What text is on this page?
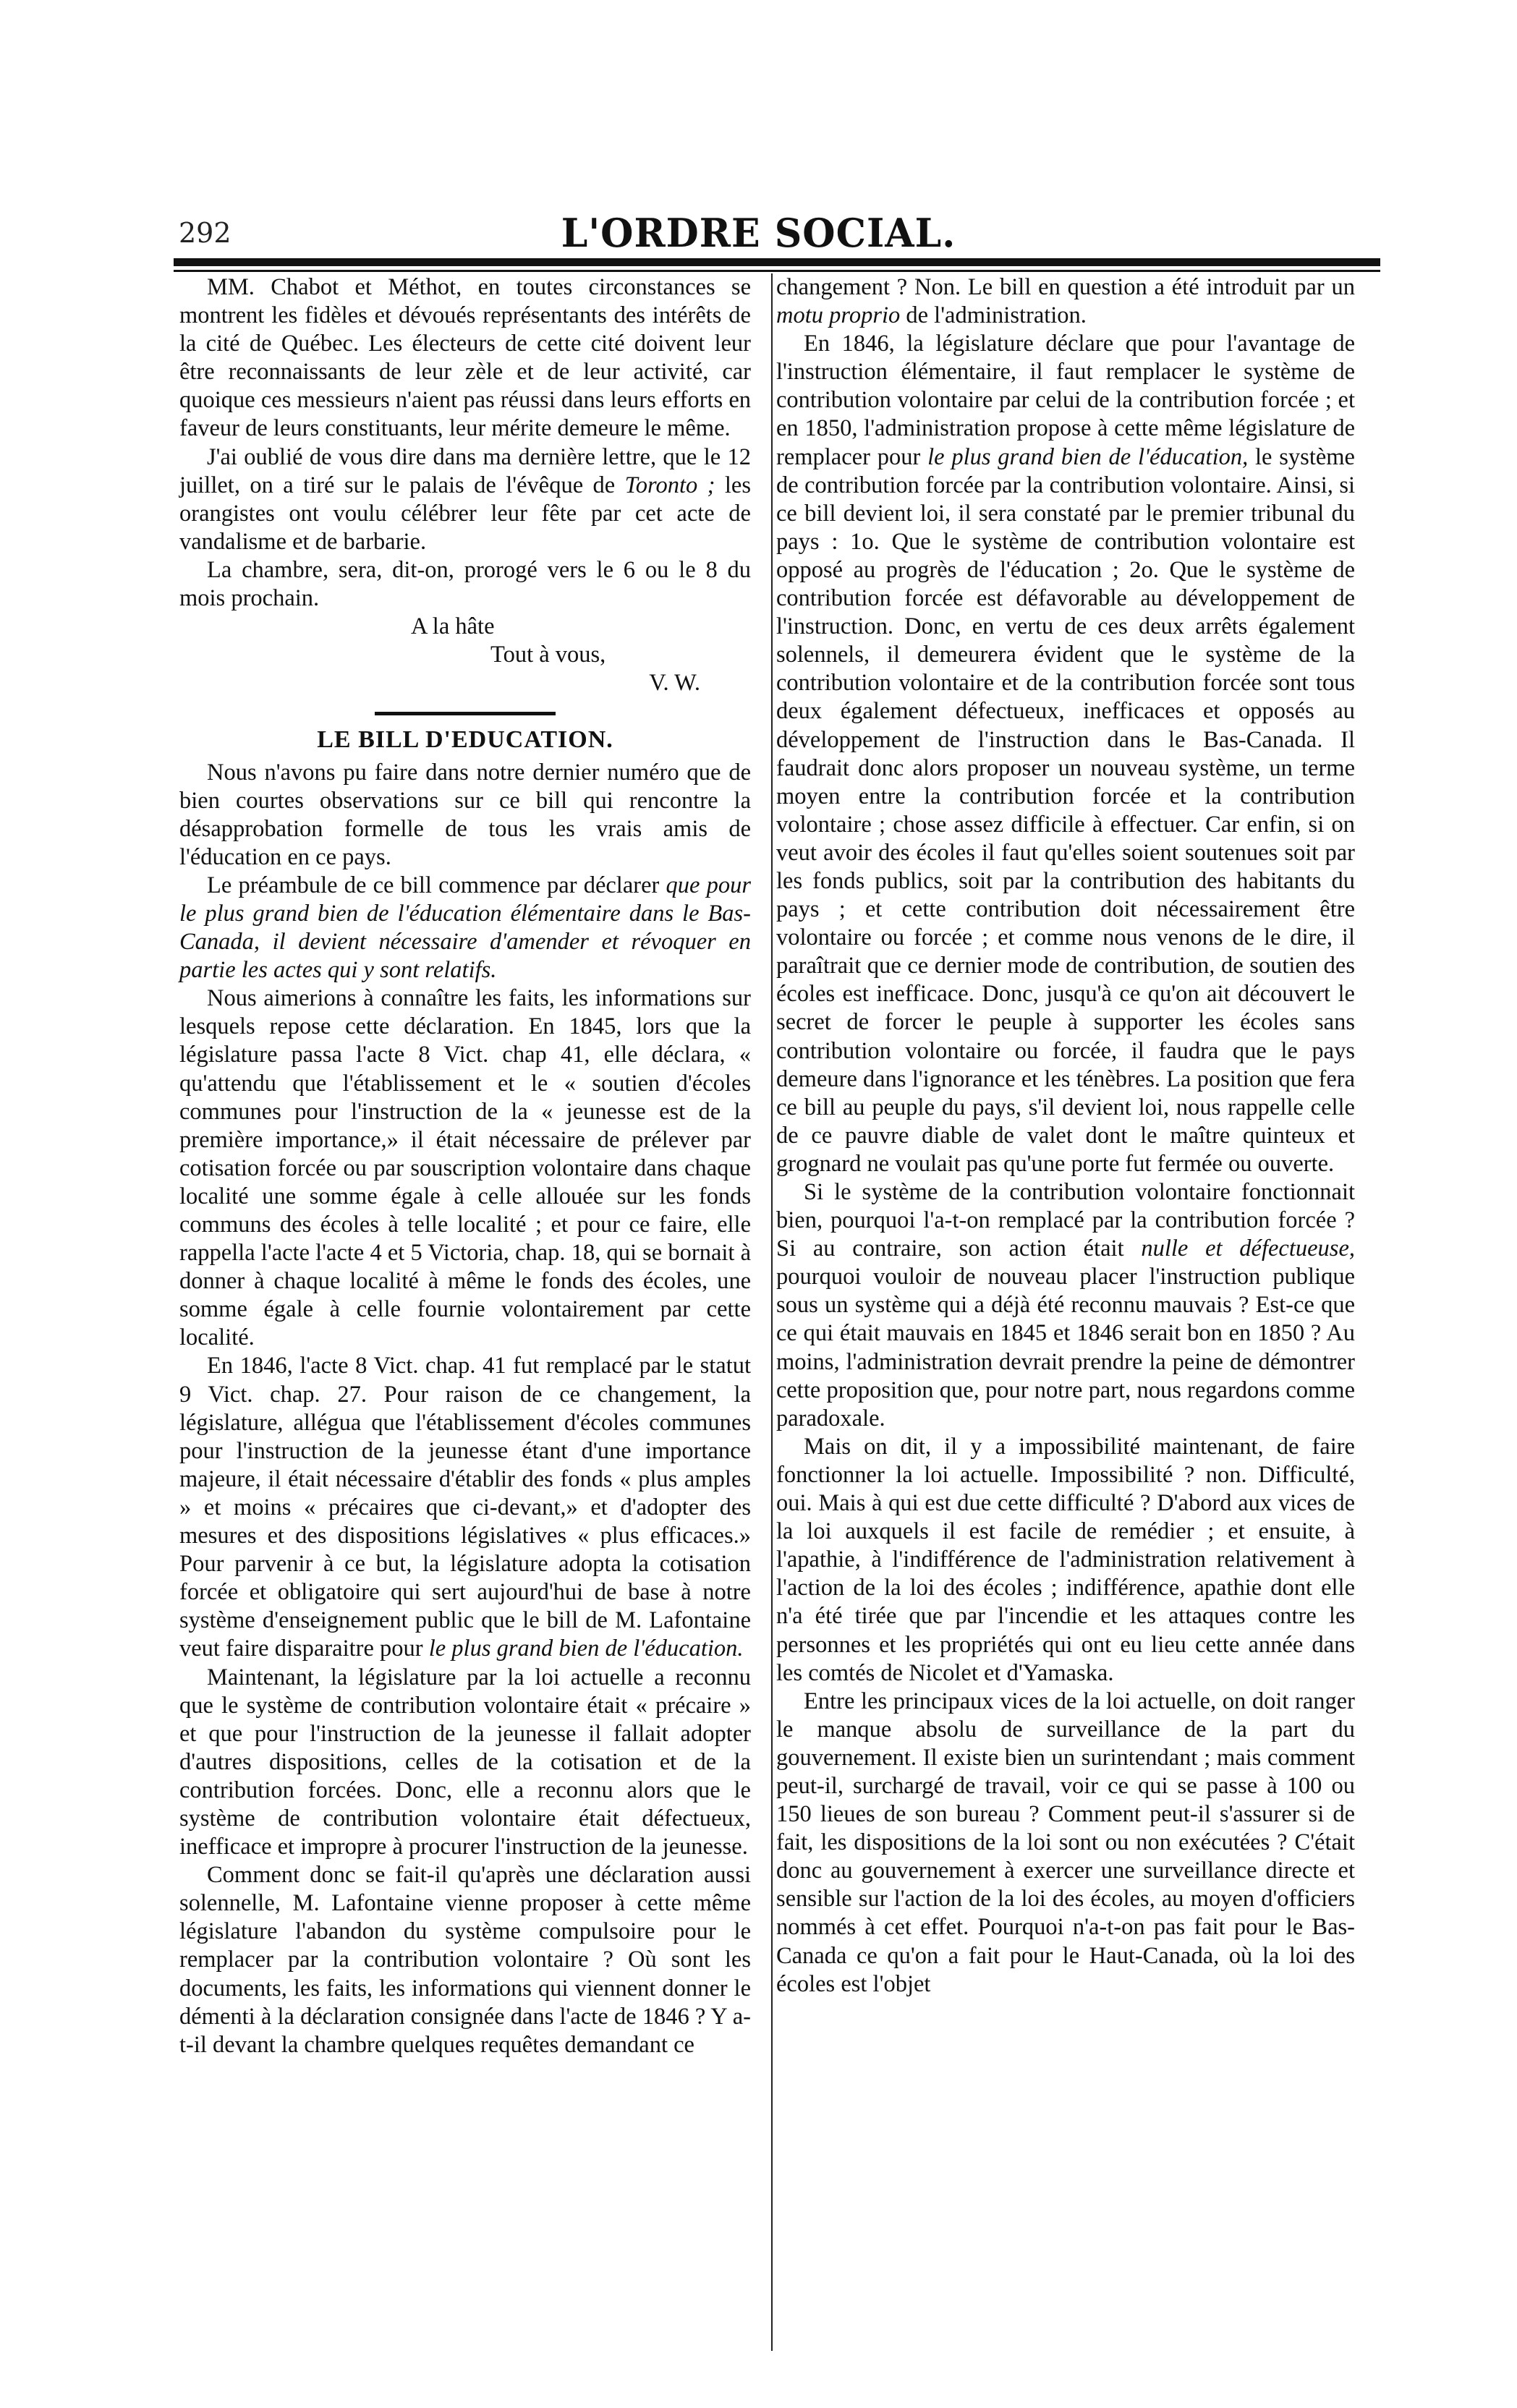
292	L'ORDRE SOCIAL.

MM. Chabot et Méthot, en toutes circonstances se montrent les fidèles et dévoués représentants des intérêts de la cité de Québec. Les électeurs de cette cité doivent leur être reconnaissants de leur zèle et de leur activité, car quoique ces messieurs n'aient pas réussi dans leurs efforts en faveur de leurs constituants, leur mérite demeure le même.

J'ai oublié de vous dire dans ma dernière lettre, que le 12 juillet, on a tiré sur le palais de l'évêque de Toronto ; les orangistes ont voulu célébrer leur fête par cet acte de vandalisme et de barbarie.

La chambre, sera, dit-on, prorogé vers le 6 ou le 8 du mois prochain.

A la hâte

Tout à vous,

V. W.

LE BILL D'EDUCATION.

Nous n'avons pu faire dans notre dernier numéro que de bien courtes observations sur ce bill qui rencontre la désapprobation formelle de tous les vrais amis de l'éducation en ce pays.

Le préambule de ce bill commence par déclarer que pour le plus grand bien de l'éducation élémentaire dans le Bas-Canada, il devient nécessaire d'amender et révoquer en partie les actes qui y sont relatifs.

Nous aimerions à connaître les faits, les informations sur lesquels repose cette déclaration. En 1845, lors que la législature passa l'acte 8 Vict. chap 41, elle déclara, « qu'attendu que l'établissement et le « soutien d'écoles communes pour l'instruction de la « jeunesse est de la première importance,» il était nécessaire de prélever par cotisation forcée ou par souscription volontaire dans chaque localité une somme égale à celle allouée sur les fonds communs des écoles à telle localité ; et pour ce faire, elle rappella l'acte l'acte 4 et 5 Victoria, chap. 18, qui se bornait à donner à chaque localité à même le fonds des écoles, une somme égale à celle fournie volontairement par cette localité.

En 1846, l'acte 8 Vict. chap. 41 fut remplacé par le statut 9 Vict. chap. 27. Pour raison de ce changement, la législature, allégua que l'établissement d'écoles communes pour l'instruction de la jeunesse étant d'une importance majeure, il était nécessaire d'établir des fonds « plus amples » et moins « précaires que ci-devant,» et d'adopter des mesures et des dispositions législatives « plus efficaces.» Pour parvenir à ce but, la législature adopta la cotisation forcée et obligatoire qui sert aujourd'hui de base à notre système d'enseignement public que le bill de M. Lafontaine veut faire disparaitre pour le plus grand bien de l'éducation.

Maintenant, la législature par la loi actuelle a reconnu que le système de contribution volontaire était « précaire » et que pour l'instruction de la jeunesse il fallait adopter d'autres dispositions, celles de la cotisation et de la contribution forcées. Donc, elle a reconnu alors que le système de contribution volontaire était défectueux, inefficace et impropre à procurer l'instruction de la jeunesse.

Comment donc se fait-il qu'après une déclaration aussi solennelle, M. Lafontaine vienne proposer à cette même législature l'abandon du système compulsoire pour le remplacer par la contribution volontaire ? Où sont les documents, les faits, les informations qui viennent donner le démenti à la déclaration consignée dans l'acte de 1846 ? Y a-t-il devant la chambre quelques requêtes demandant ce

changement ? Non. Le bill en question a été introduit par un motu proprio de l'administration.

En 1846, la législature déclare que pour l'avantage de l'instruction élémentaire, il faut remplacer le système de contribution volontaire par celui de la contribution forcée ; et en 1850, l'administration propose à cette même législature de remplacer pour le plus grand bien de l'éducation, le système de contribution forcée par la contribution volontaire. Ainsi, si ce bill devient loi, il sera constaté par le premier tribunal du pays : 1o. Que le système de contribution volontaire est opposé au progrès de l'éducation ; 2o. Que le système de contribution forcée est défavorable au développement de l'instruction. Donc, en vertu de ces deux arrêts également solennels, il demeurera évident que le système de la contribution volontaire et de la contribution forcée sont tous deux également défectueux, inefficaces et opposés au développement de l'instruction dans le Bas-Canada. Il faudrait donc alors proposer un nouveau système, un terme moyen entre la contribution forcée et la contribution volontaire ; chose assez difficile à effectuer. Car enfin, si on veut avoir des écoles il faut qu'elles soient soutenues soit par les fonds publics, soit par la contribution des habitants du pays ; et cette contribution doit nécessairement être volontaire ou forcée ; et comme nous venons de le dire, il paraîtrait que ce dernier mode de contribution, de soutien des écoles est inefficace. Donc, jusqu'à ce qu'on ait découvert le secret de forcer le peuple à supporter les écoles sans contribution volontaire ou forcée, il faudra que le pays demeure dans l'ignorance et les ténèbres. La position que fera ce bill au peuple du pays, s'il devient loi, nous rappelle celle de ce pauvre diable de valet dont le maître quinteux et grognard ne voulait pas qu'une porte fut fermée ou ouverte.

Si le système de la contribution volontaire fonctionnait bien, pourquoi l'a-t-on remplacé par la contribution forcée ? Si au contraire, son action était nulle et défectueuse, pourquoi vouloir de nouveau placer l'instruction publique sous un système qui a déjà été reconnu mauvais ? Est-ce que ce qui était mauvais en 1845 et 1846 serait bon en 1850 ? Au moins, l'administration devrait prendre la peine de démontrer cette proposition que, pour notre part, nous regardons comme paradoxale.

Mais on dit, il y a impossibilité maintenant, de faire fonctionner la loi actuelle. Impossibilité ? non. Difficulté, oui. Mais à qui est due cette difficulté ? D'abord aux vices de la loi auxquels il est facile de remédier ; et ensuite, à l'apathie, à l'indifférence de l'administration relativement à l'action de la loi des écoles ; indifférence, apathie dont elle n'a été tirée que par l'incendie et les attaques contre les personnes et les propriétés qui ont eu lieu cette année dans les comtés de Nicolet et d'Yamaska.

Entre les principaux vices de la loi actuelle, on doit ranger le manque absolu de surveillance de la part du gouvernement. Il existe bien un surintendant ; mais comment peut-il, surchargé de travail, voir ce qui se passe à 100 ou 150 lieues de son bureau ? Comment peut-il s'assurer si de fait, les dispositions de la loi sont ou non exécutées ? C'était donc au gouvernement à exercer une surveillance directe et sensible sur l'action de la loi des écoles, au moyen d'officiers nommés à cet effet. Pourquoi n'a-t-on pas fait pour le Bas-Canada ce qu'on a fait pour le Haut-Canada, où la loi des écoles est l'objet
